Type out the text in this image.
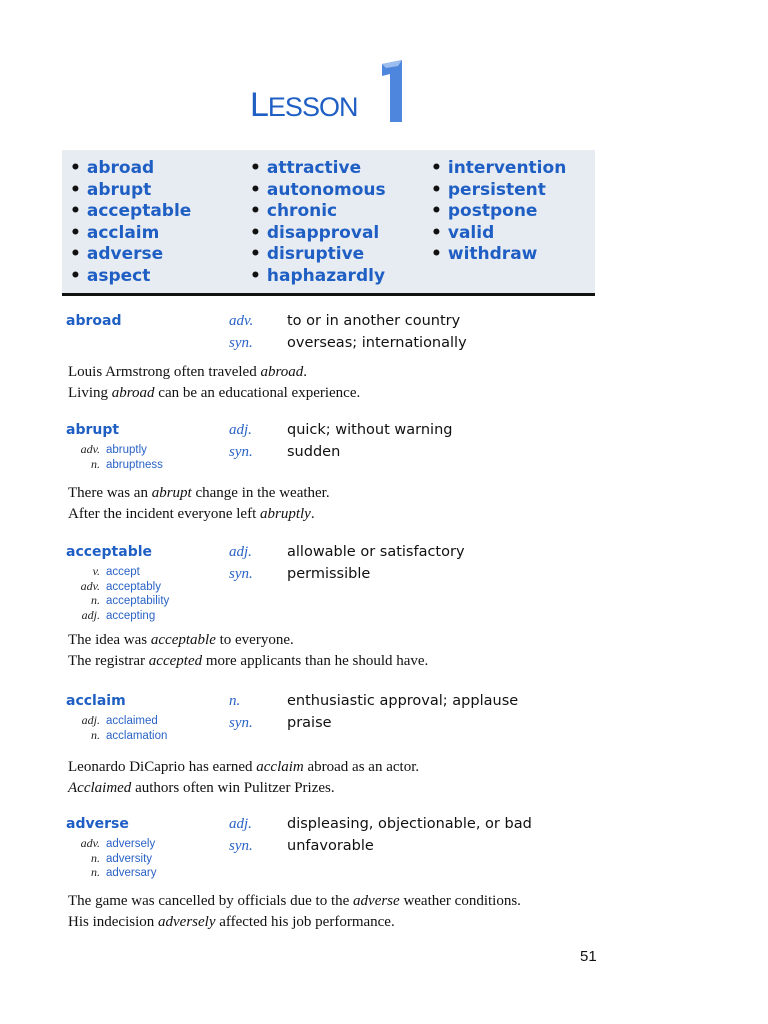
LESSON
• abroad
• abrupt
• acceptable
• acclaim
• adverse
• aspect
• attractive
• autonomous
• chronic
• disapproval
• disruptive
• haphazardly
• intervention
• persistent
• postpone
• valid
• withdraw
abroad	adv. to or in another country
syn. overseas; internationally
abrupt	adj. quick; without warning
syn. sudden
adv. abruptly
n. abruptness
acceptable	adj. allowable or satisfactory
syn. permissible
v. accept
adv. acceptably
n. acceptability
adj. accepting
acclaim	n.	enthusiastic approval; applause
syn. praise
adj. acclaimed
n. acclamation
adverse	adj. displeasing, objectionable, or bad
syn. unfavorable
adv. adversely
n. adversity
n. adversary
51
Louis Armstrong often traveled abroad.
Living abroad can be an educational experience.
There was an abrupt change in the weather.
After the incident everyone left abruptly.
The idea was acceptable to everyone.
The registrar accepted more applicants than he should have.
Leonardo DiCaprio has earned acclaim abroad as an actor.
Acclaimed authors often win Pulitzer Prizes.
The game was cancelled by officials due to the adverse weather conditions.
His indecision adversely affected his job performance.
